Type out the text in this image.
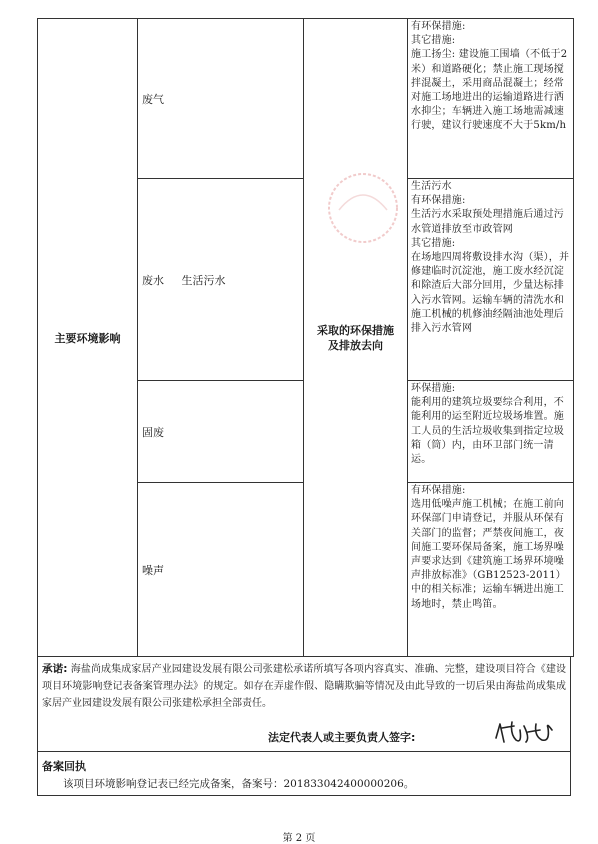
主要环境影响	废气	采取的环保措施及排放去向	有环保措施:

其它措施:

施工扬尘: 建设施工围墙（不低于2米）和道路硬化；禁止施工现场搅拌混凝土，采用商品混凝土；经常对施工场地进出的运输道路进行洒水抑尘；车辆进入施工场地需减速行驶，建议行驶速度不大于5km/h

	废水 生活污水		生活污水

有环保措施:

生活污水采取预处理措施后通过污水管道排放至市政管网

其它措施:

在场地四周将敷设排水沟（渠），并修建临时沉淀池，施工废水经沉淀和除渣后大部分回用，少量达标排入污水管网。运输车辆的清洗水和施工机械的机修油经隔油池处理后排入污水管网

	固废		环保措施:

能利用的建筑垃圾要综合利用，不能利用的运至附近垃圾场堆置。施工人员的生活垃圾收集到指定垃圾箱（筒）内，由环卫部门统一清运。

	噪声		有环保措施:

选用低噪声施工机械；在施工前向环保部门申请登记，并服从环保有关部门的监督；严禁夜间施工，夜间施工要环保局备案，施工场界噪声要求达到《建筑施工场界环境噪声排放标准》（GB12523-2011）中的相关标准；运输车辆进出施工场地时，禁止鸣笛。

承诺: 海盐尚成集成家居产业园建设发展有限公司张建松承诺所填写各项内容真实、准确、完整，建设项目符合《建设项目环境影响登记表备案管理办法》的规定。如存在弄虚作假、隐瞒欺骗等情况及由此导致的一切后果由海盐尚成集成家居产业园建设发展有限公司张建松承担全部责任。
法定代表人或主要负责人签字:
备案回执
该项目环境影响登记表已经完成备案，备案号：201833042400000206。
第 2 页
